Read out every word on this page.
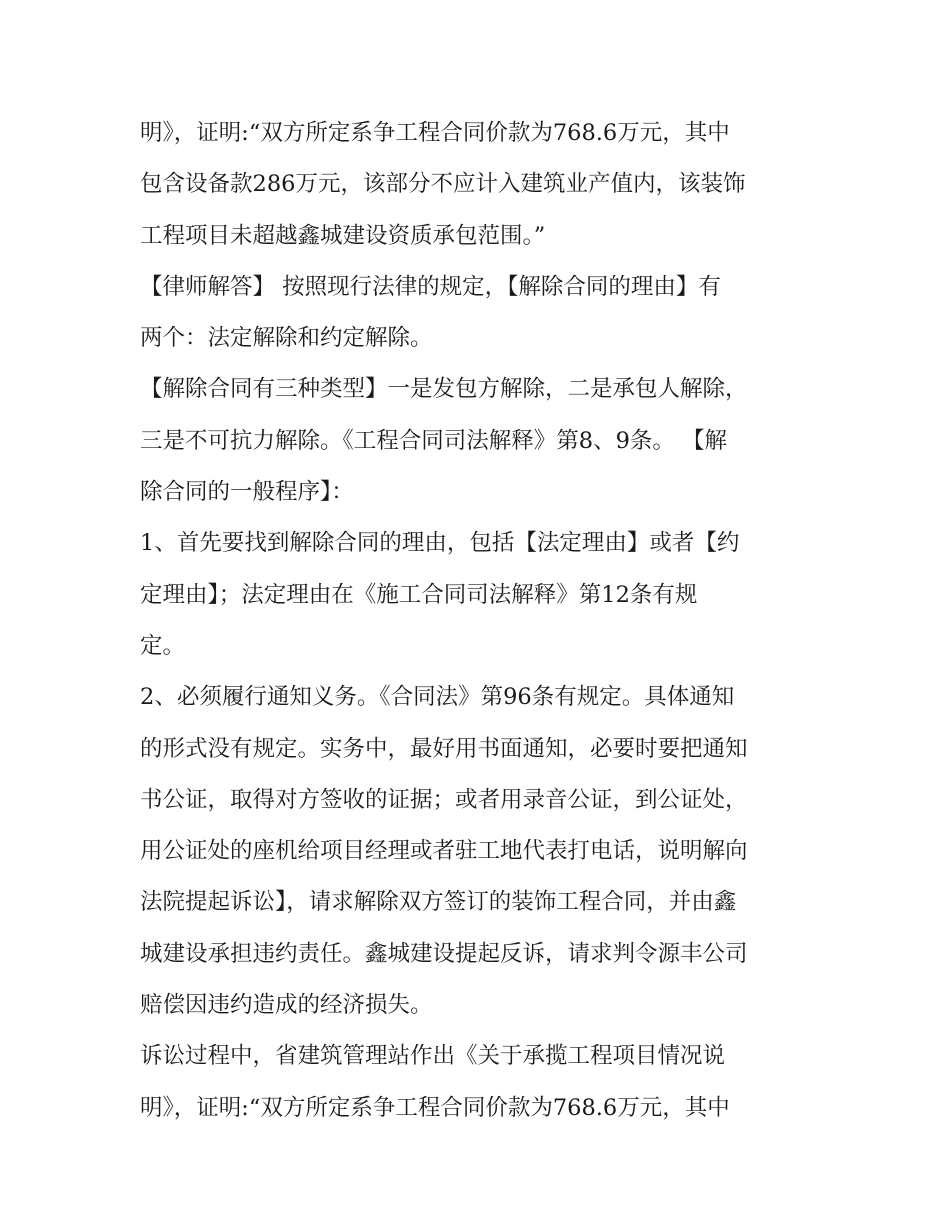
明》，证明:“双方所定系争工程合同价款为768.6万元，其中
包含设备款286万元，该部分不应计入建筑业产值内，该装饰
工程项目未超越鑫城建设资质承包范围。”
【律师解答】 按照现行法律的规定，【解除合同的理由】有
两个：法定解除和约定解除。
【解除合同有三种类型】一是发包方解除，二是承包人解除，
三是不可抗力解除。《工程合同司法解释》第8、9条。 【解
除合同的一般程序】：
1、首先要找到解除合同的理由，包括【法定理由】或者【约
定理由】；法定理由在《施工合同司法解释》第12条有规
定。
2、必须履行通知义务。《合同法》第96条有规定。具体通知
的形式没有规定。实务中，最好用书面通知，必要时要把通知
书公证，取得对方签收的证据；或者用录音公证，到公证处，
用公证处的座机给项目经理或者驻工地代表打电话，说明解向
法院提起诉讼】，请求解除双方签订的装饰工程合同，并由鑫
城建设承担违约责任。鑫城建设提起反诉，请求判令源丰公司
赔偿因违约造成的经济损失。
诉讼过程中，省建筑管理站作出《关于承揽工程项目情况说
明》，证明:“双方所定系争工程合同价款为768.6万元，其中
